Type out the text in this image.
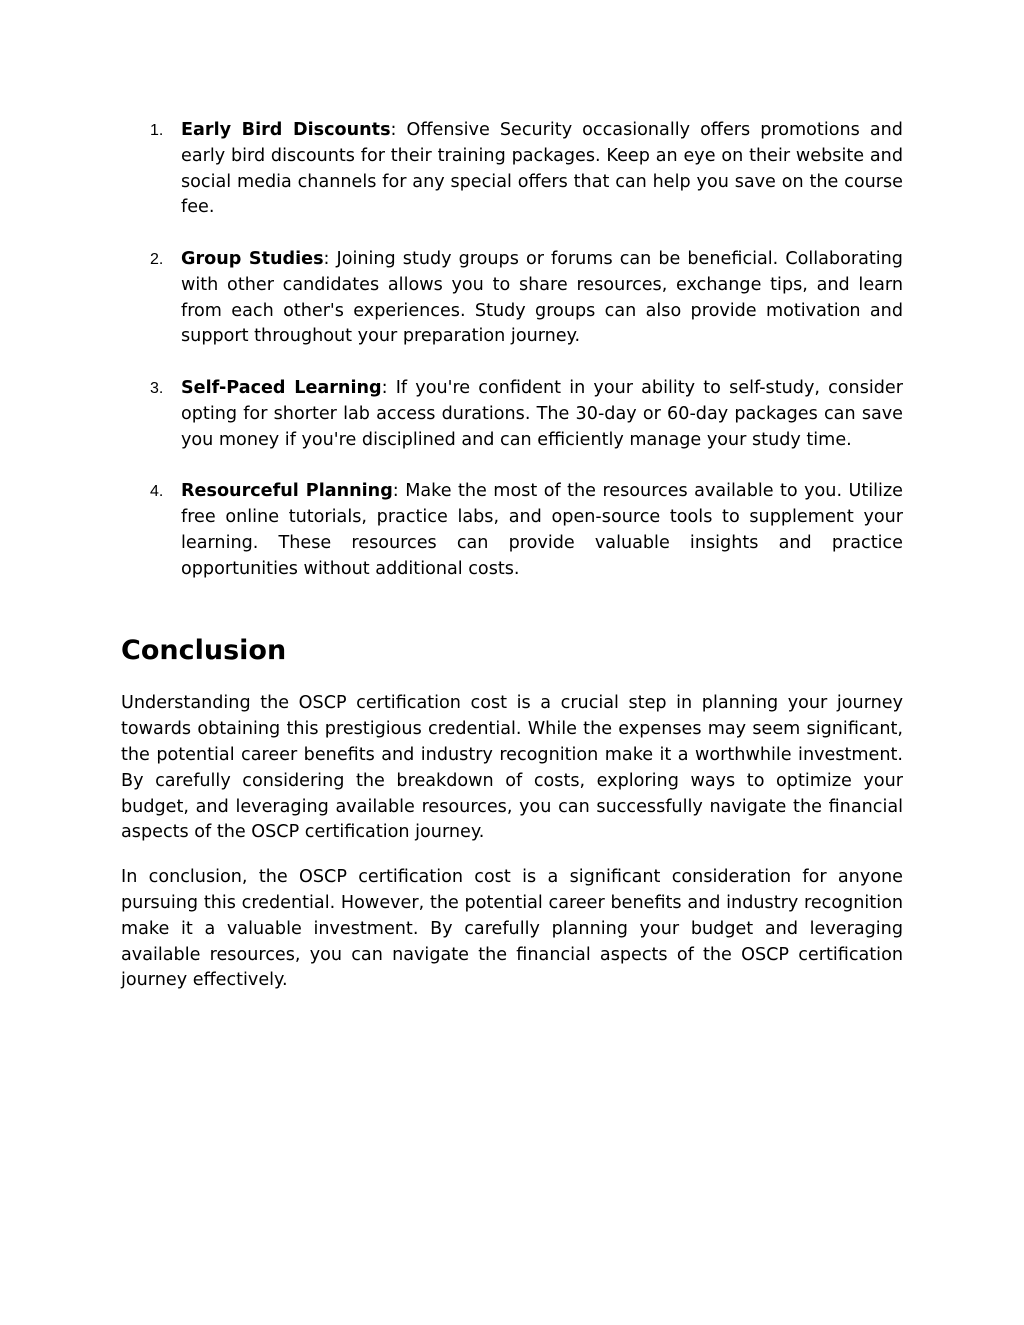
1. Early Bird Discounts: Offensive Security occasionally offers promotions and early bird discounts for their training packages. Keep an eye on their website and social media channels for any special offers that can help you save on the course fee.
2. Group Studies: Joining study groups or forums can be beneficial. Collaborating with other candidates allows you to share resources, exchange tips, and learn from each other's experiences. Study groups can also provide motivation and support throughout your preparation journey.
3. Self-Paced Learning: If you're confident in your ability to self-study, consider opting for shorter lab access durations. The 30-day or 60-day packages can save you money if you're disciplined and can efficiently manage your study time.
4. Resourceful Planning: Make the most of the resources available to you. Utilize free online tutorials, practice labs, and open-source tools to supplement your learning. These resources can provide valuable insights and practice opportunities without additional costs.
Conclusion

Understanding the OSCP certification cost is a crucial step in planning your journey towards obtaining this prestigious credential. While the expenses may seem significant, the potential career benefits and industry recognition make it a worthwhile investment. By carefully considering the breakdown of costs, exploring ways to optimize your budget, and leveraging available resources, you can successfully navigate the financial aspects of the OSCP certification journey.

In conclusion, the OSCP certification cost is a significant consideration for anyone pursuing this credential. However, the potential career benefits and industry recognition make it a valuable investment. By carefully planning your budget and leveraging available resources, you can navigate the financial aspects of the OSCP certification journey effectively.
